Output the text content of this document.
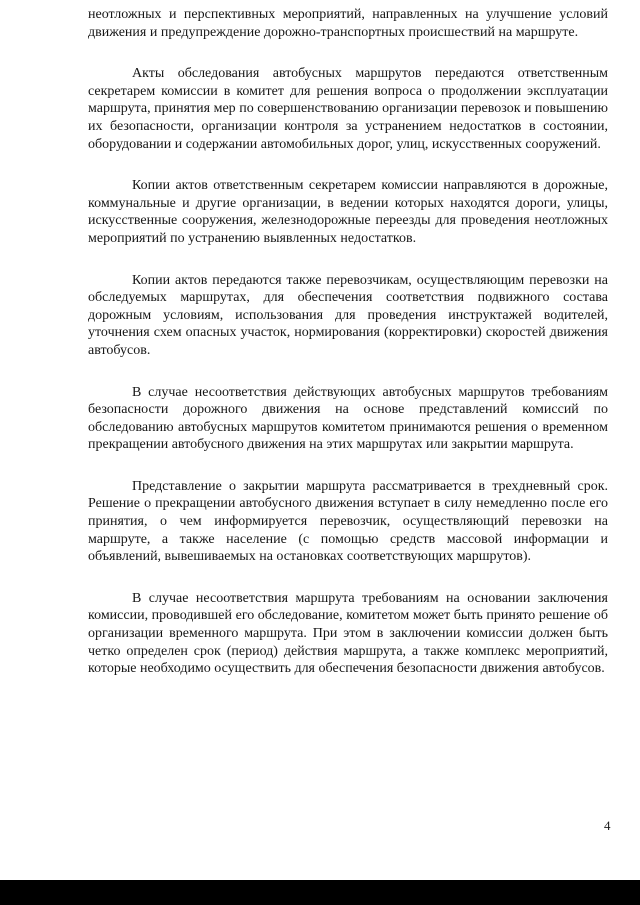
неотложных и перспективных мероприятий, направленных на улучшение условий движения и предупреждение дорожно-транспортных происшествий на маршруте.

Акты обследования автобусных маршрутов передаются ответственным секретарем комиссии в комитет для решения вопроса о продолжении эксплуатации маршрута, принятия мер по совершенствованию организации перевозок и повышению их безопасности, организации контроля за устранением недостатков в состоянии, оборудовании и содержании автомобильных дорог, улиц, искусственных сооружений.

Копии актов ответственным секретарем комиссии направляются в дорожные, коммунальные и другие организации, в ведении которых находятся дороги, улицы, искусственные сооружения, железнодорожные переезды для проведения неотложных мероприятий по устранению выявленных недостатков.

Копии актов передаются также перевозчикам, осуществляющим перевозки на обследуемых маршрутах, для обеспечения соответствия подвижного состава дорожным условиям, использования для проведения инструктажей водителей, уточнения схем опасных участок, нормирования (корректировки) скоростей движения автобусов.

В случае несоответствия действующих автобусных маршрутов требованиям безопасности дорожного движения на основе представлений комиссий по обследованию автобусных маршрутов комитетом принимаются решения о временном прекращении автобусного движения на этих маршрутах или закрытии маршрута.

Представление о закрытии маршрута рассматривается в трехдневный срок. Решение о прекращении автобусного движения вступает в силу немедленно после его принятия, о чем информируется перевозчик, осуществляющий перевозки на маршруте, а также население (с помощью средств массовой информации и объявлений, вывешиваемых на остановках соответствующих маршрутов).

В случае несоответствия маршрута требованиям на основании заключения комиссии, проводившей его обследование, комитетом может быть принято решение об организации временного маршрута. При этом в заключении комиссии должен быть четко определен срок (период) действия маршрута, а также комплекс мероприятий, которые необходимо осуществить для обеспечения безопасности движения автобусов.

4
